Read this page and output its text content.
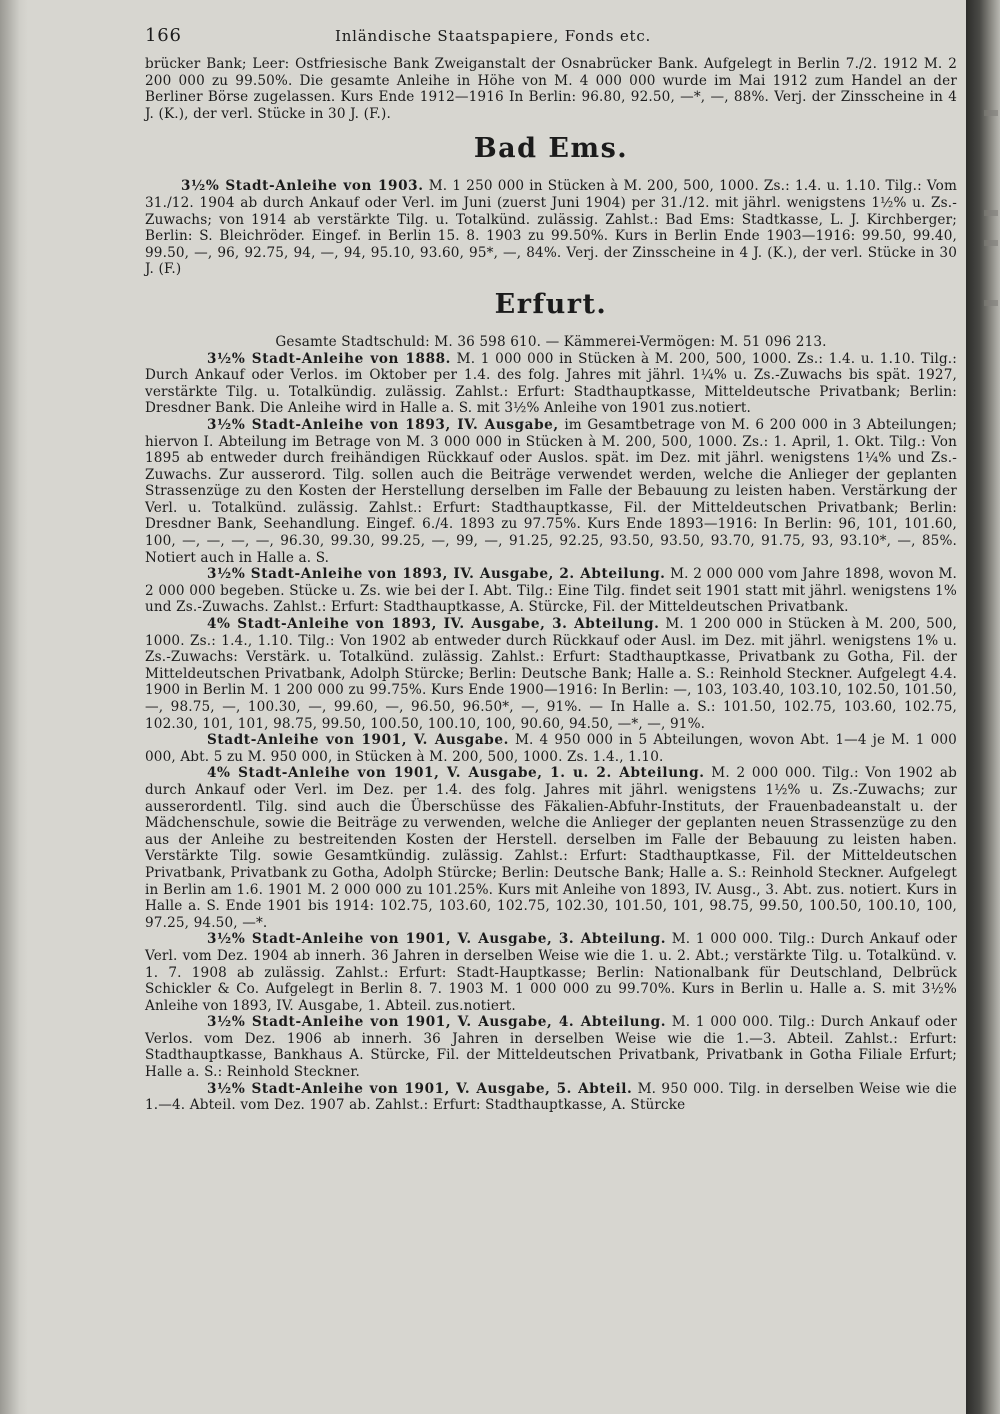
166	Inländische Staatspapiere, Fonds etc.

brücker Bank; Leer: Ostfriesische Bank Zweiganstalt der Osnabrücker Bank. Aufgelegt in Berlin 7./2. 1912 M. 2 200 000 zu 99.50%. Die gesamte Anleihe in Höhe von M. 4 000 000 wurde im Mai 1912 zum Handel an der Berliner Börse zugelassen. Kurs Ende 1912—1916 In Berlin: 96.80, 92.50, —*, —, 88%. Verj. der Zinsscheine in 4 J. (K.), der verl. Stücke in 30 J. (F.).

Bad Ems.

3½% Stadt-Anleihe von 1903. M. 1 250 000 in Stücken à M. 200, 500, 1000. Zs.: 1.4. u. 1.10. Tilg.: Vom 31./12. 1904 ab durch Ankauf oder Verl. im Juni (zuerst Juni 1904) per 31./12. mit jährl. wenigstens 1½% u. Zs.-Zuwachs; von 1914 ab verstärkte Tilg. u. Totalkünd. zulässig. Zahlst.: Bad Ems: Stadtkasse, L. J. Kirchberger; Berlin: S. Bleichröder. Eingef. in Berlin 15. 8. 1903 zu 99.50%. Kurs in Berlin Ende 1903—1916: 99.50, 99.40, 99.50, —, 96, 92.75, 94, —, 94, 95.10, 93.60, 95*, —, 84%. Verj. der Zinsscheine in 4 J. (K.), der verl. Stücke in 30 J. (F.)

Erfurt.

Gesamte Stadtschuld: M. 36 598 610. — Kämmerei-Vermögen: M. 51 096 213.

3½% Stadt-Anleihe von 1888. M. 1 000 000 in Stücken à M. 200, 500, 1000. Zs.: 1.4. u. 1.10. Tilg.: Durch Ankauf oder Verlos. im Oktober per 1.4. des folg. Jahres mit jährl. 1¼% u. Zs.-Zuwachs bis spät. 1927, verstärkte Tilg. u. Totalkündig. zulässig. Zahlst.: Erfurt: Stadthauptkasse, Mitteldeutsche Privatbank; Berlin: Dresdner Bank. Die Anleihe wird in Halle a. S. mit 3½% Anleihe von 1901 zus.notiert.

3½% Stadt-Anleihe von 1893, IV. Ausgabe, im Gesamtbetrage von M. 6 200 000 in 3 Abteilungen; hiervon I. Abteilung im Betrage von M. 3 000 000 in Stücken à M. 200, 500, 1000. Zs.: 1. April, 1. Okt. Tilg.: Von 1895 ab entweder durch freihändigen Rückkauf oder Auslos. spät. im Dez. mit jährl. wenigstens 1¼% und Zs.-Zuwachs. Zur ausserord. Tilg. sollen auch die Beiträge verwendet werden, welche die Anlieger der geplanten Strassenzüge zu den Kosten der Herstellung derselben im Falle der Bebauung zu leisten haben. Verstärkung der Verl. u. Totalkünd. zulässig. Zahlst.: Erfurt: Stadthauptkasse, Fil. der Mitteldeutschen Privatbank; Berlin: Dresdner Bank, Seehandlung. Eingef. 6./4. 1893 zu 97.75%. Kurs Ende 1893—1916: In Berlin: 96, 101, 101.60, 100, —, —, —, —, 96.30, 99.30, 99.25, —, 99, —, 91.25, 92.25, 93.50, 93.50, 93.70, 91.75, 93, 93.10*, —, 85%. Notiert auch in Halle a. S.

3½% Stadt-Anleihe von 1893, IV. Ausgabe, 2. Abteilung. M. 2 000 000 vom Jahre 1898, wovon M. 2 000 000 begeben. Stücke u. Zs. wie bei der I. Abt. Tilg.: Eine Tilg. findet seit 1901 statt mit jährl. wenigstens 1% und Zs.-Zuwachs. Zahlst.: Erfurt: Stadthauptkasse, A. Stürcke, Fil. der Mitteldeutschen Privatbank.

4% Stadt-Anleihe von 1893, IV. Ausgabe, 3. Abteilung. M. 1 200 000 in Stücken à M. 200, 500, 1000. Zs.: 1.4., 1.10. Tilg.: Von 1902 ab entweder durch Rückkauf oder Ausl. im Dez. mit jährl. wenigstens 1% u. Zs.-Zuwachs: Verstärk. u. Totalkünd. zulässig. Zahlst.: Erfurt: Stadthauptkasse, Privatbank zu Gotha, Fil. der Mitteldeutschen Privatbank, Adolph Stürcke; Berlin: Deutsche Bank; Halle a. S.: Reinhold Steckner. Aufgelegt 4.4. 1900 in Berlin M. 1 200 000 zu 99.75%. Kurs Ende 1900—1916: In Berlin: —, 103, 103.40, 103.10, 102.50, 101.50, —, 98.75, —, 100.30, —, 99.60, —, 96.50, 96.50*, —, 91%. — In Halle a. S.: 101.50, 102.75, 103.60, 102.75, 102.30, 101, 101, 98.75, 99.50, 100.50, 100.10, 100, 90.60, 94.50, —*, —, 91%.

Stadt-Anleihe von 1901, V. Ausgabe. M. 4 950 000 in 5 Abteilungen, wovon Abt. 1—4 je M. 1 000 000, Abt. 5 zu M. 950 000, in Stücken à M. 200, 500, 1000. Zs. 1.4., 1.10.

4% Stadt-Anleihe von 1901, V. Ausgabe, 1. u. 2. Abteilung. M. 2 000 000. Tilg.: Von 1902 ab durch Ankauf oder Verl. im Dez. per 1.4. des folg. Jahres mit jährl. wenigstens 1½% u. Zs.-Zuwachs; zur ausserordentl. Tilg. sind auch die Überschüsse des Fäkalien-Abfuhr-Instituts, der Frauenbadeanstalt u. der Mädchenschule, sowie die Beiträge zu verwenden, welche die Anlieger der geplanten neuen Strassenzüge zu den aus der Anleihe zu bestreitenden Kosten der Herstell. derselben im Falle der Bebauung zu leisten haben. Verstärkte Tilg. sowie Gesamtkündig. zulässig. Zahlst.: Erfurt: Stadthauptkasse, Fil. der Mitteldeutschen Privatbank, Privatbank zu Gotha, Adolph Stürcke; Berlin: Deutsche Bank; Halle a. S.: Reinhold Steckner. Aufgelegt in Berlin am 1.6. 1901 M. 2 000 000 zu 101.25%. Kurs mit Anleihe von 1893, IV. Ausg., 3. Abt. zus. notiert. Kurs in Halle a. S. Ende 1901 bis 1914: 102.75, 103.60, 102.75, 102.30, 101.50, 101, 98.75, 99.50, 100.50, 100.10, 100, 97.25, 94.50, —*.

3½% Stadt-Anleihe von 1901, V. Ausgabe, 3. Abteilung. M. 1 000 000. Tilg.: Durch Ankauf oder Verl. vom Dez. 1904 ab innerh. 36 Jahren in derselben Weise wie die 1. u. 2. Abt.; verstärkte Tilg. u. Totalkünd. v. 1. 7. 1908 ab zulässig. Zahlst.: Erfurt: Stadt-Hauptkasse; Berlin: Nationalbank für Deutschland, Delbrück Schickler & Co. Aufgelegt in Berlin 8. 7. 1903 M. 1 000 000 zu 99.70%. Kurs in Berlin u. Halle a. S. mit 3½% Anleihe von 1893, IV. Ausgabe, 1. Abteil. zus.notiert.

3½% Stadt-Anleihe von 1901, V. Ausgabe, 4. Abteilung. M. 1 000 000. Tilg.: Durch Ankauf oder Verlos. vom Dez. 1906 ab innerh. 36 Jahren in derselben Weise wie die 1.—3. Abteil. Zahlst.: Erfurt: Stadthauptkasse, Bankhaus A. Stürcke, Fil. der Mitteldeutschen Privatbank, Privatbank in Gotha Filiale Erfurt; Halle a. S.: Reinhold Steckner.

3½% Stadt-Anleihe von 1901, V. Ausgabe, 5. Abteil. M. 950 000. Tilg. in derselben Weise wie die 1.—4. Abteil. vom Dez. 1907 ab. Zahlst.: Erfurt: Stadthauptkasse, A. Stürcke
